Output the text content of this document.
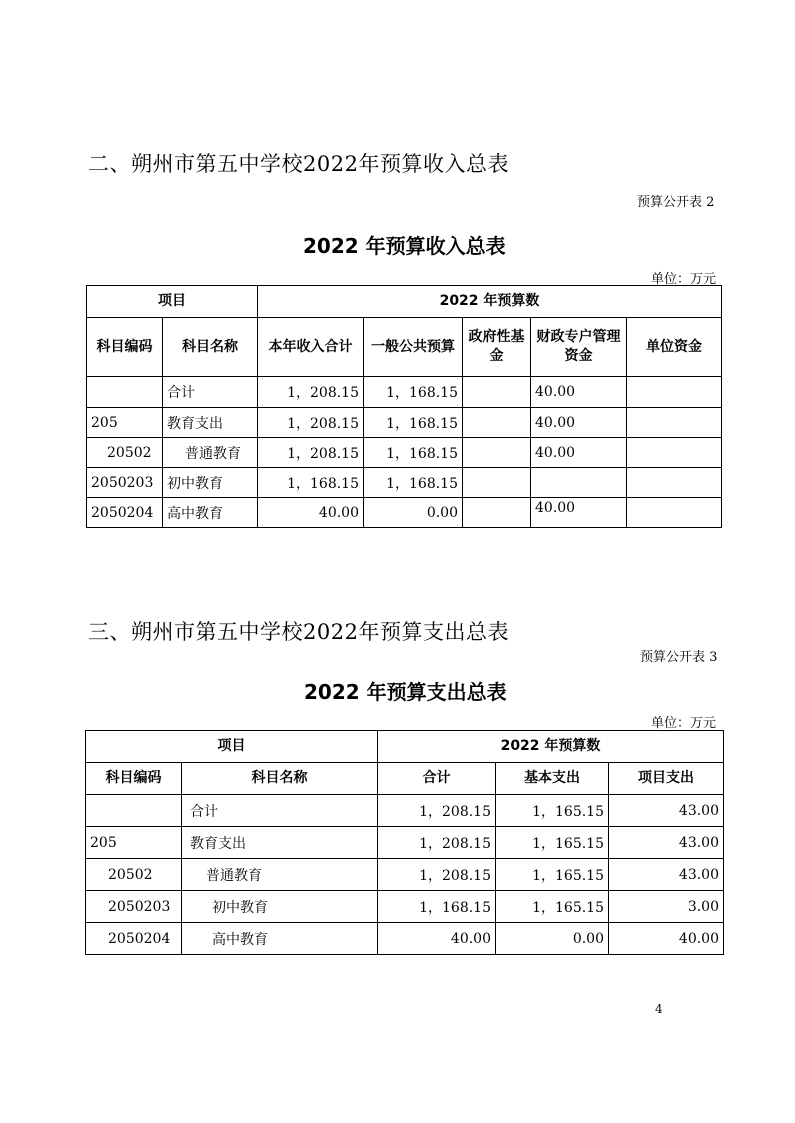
二、朔州市第五中学校2022年预算收入总表
预算公开表 2
2022 年预算收入总表
单位：万元
项目		2022 年预算数				
科目编码	科目名称	本年收入合计	一般公共预算	政府性基金	财政专户管理资金	单位资金
	合计	1，208.15	1，168.15		40.00	
205	教育支出	1，208.15	1，168.15		40.00	
20502	普通教育	1，208.15	1，168.15		40.00	
2050203	初中教育	1，168.15	1，168.15			
2050204	高中教育	40.00	0.00		40.00	
三、朔州市第五中学校2022年预算支出总表
预算公开表 3
2022 年预算支出总表
单位：万元
项目		2022 年预算数		
科目编码	科目名称	合计	基本支出	项目支出
	合计	1，208.15	1，165.15	43.00
205	教育支出	1，208.15	1，165.15	43.00
20502	普通教育	1，208.15	1，165.15	43.00
2050203	初中教育	1，168.15	1，165.15	3.00
2050204	高中教育	40.00	0.00	40.00
4
